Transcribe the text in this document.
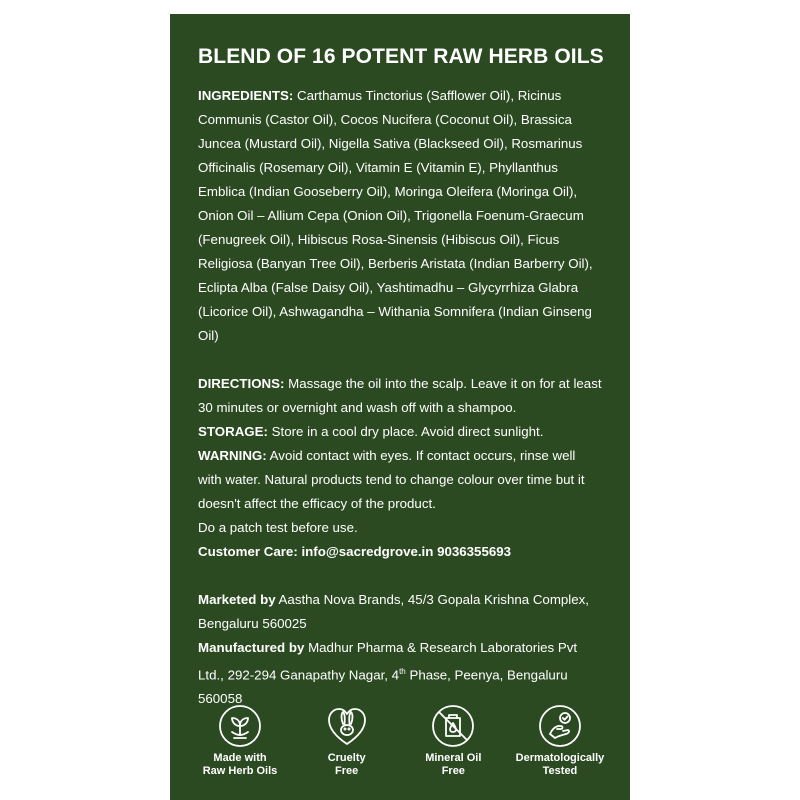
BLEND OF 16 POTENT RAW HERB OILS

INGREDIENTS: Carthamus Tinctorius (Safflower Oil), Ricinus Communis (Castor Oil), Cocos Nucifera (Coconut Oil), Brassica Juncea (Mustard Oil), Nigella Sativa (Blackseed Oil), Rosmarinus Officinalis (Rosemary Oil), Vitamin E (Vitamin E), Phyllanthus Emblica (Indian Gooseberry Oil), Moringa Oleifera (Moringa Oil), Onion Oil – Allium Cepa (Onion Oil), Trigonella Foenum-Graecum (Fenugreek Oil), Hibiscus Rosa-Sinensis (Hibiscus Oil), Ficus Religiosa (Banyan Tree Oil), Berberis Aristata (Indian Barberry Oil), Eclipta Alba (False Daisy Oil), Yashtimadhu – Glycyrrhiza Glabra (Licorice Oil), Ashwagandha – Withania Somnifera (Indian Ginseng Oil)

DIRECTIONS: Massage the oil into the scalp. Leave it on for at least 30 minutes or overnight and wash off with a shampoo.

STORAGE: Store in a cool dry place. Avoid direct sunlight.

WARNING: Avoid contact with eyes. If contact occurs, rinse well with water. Natural products tend to change colour over time but it doesn't affect the efficacy of the product.

Do a patch test before use.

Customer Care: info@sacredgrove.in 9036355693

Marketed by Aastha Nova Brands, 45/3 Gopala Krishna Complex, Bengaluru 560025

Manufactured by Madhur Pharma & Research Laboratories Pvt Ltd., 292-294 Ganapathy Nagar, 4th Phase, Peenya, Bengaluru 560058

Made with
Raw Herb Oils
Cruelty
Free
Mineral Oil
Free
Dermatologically
Tested
